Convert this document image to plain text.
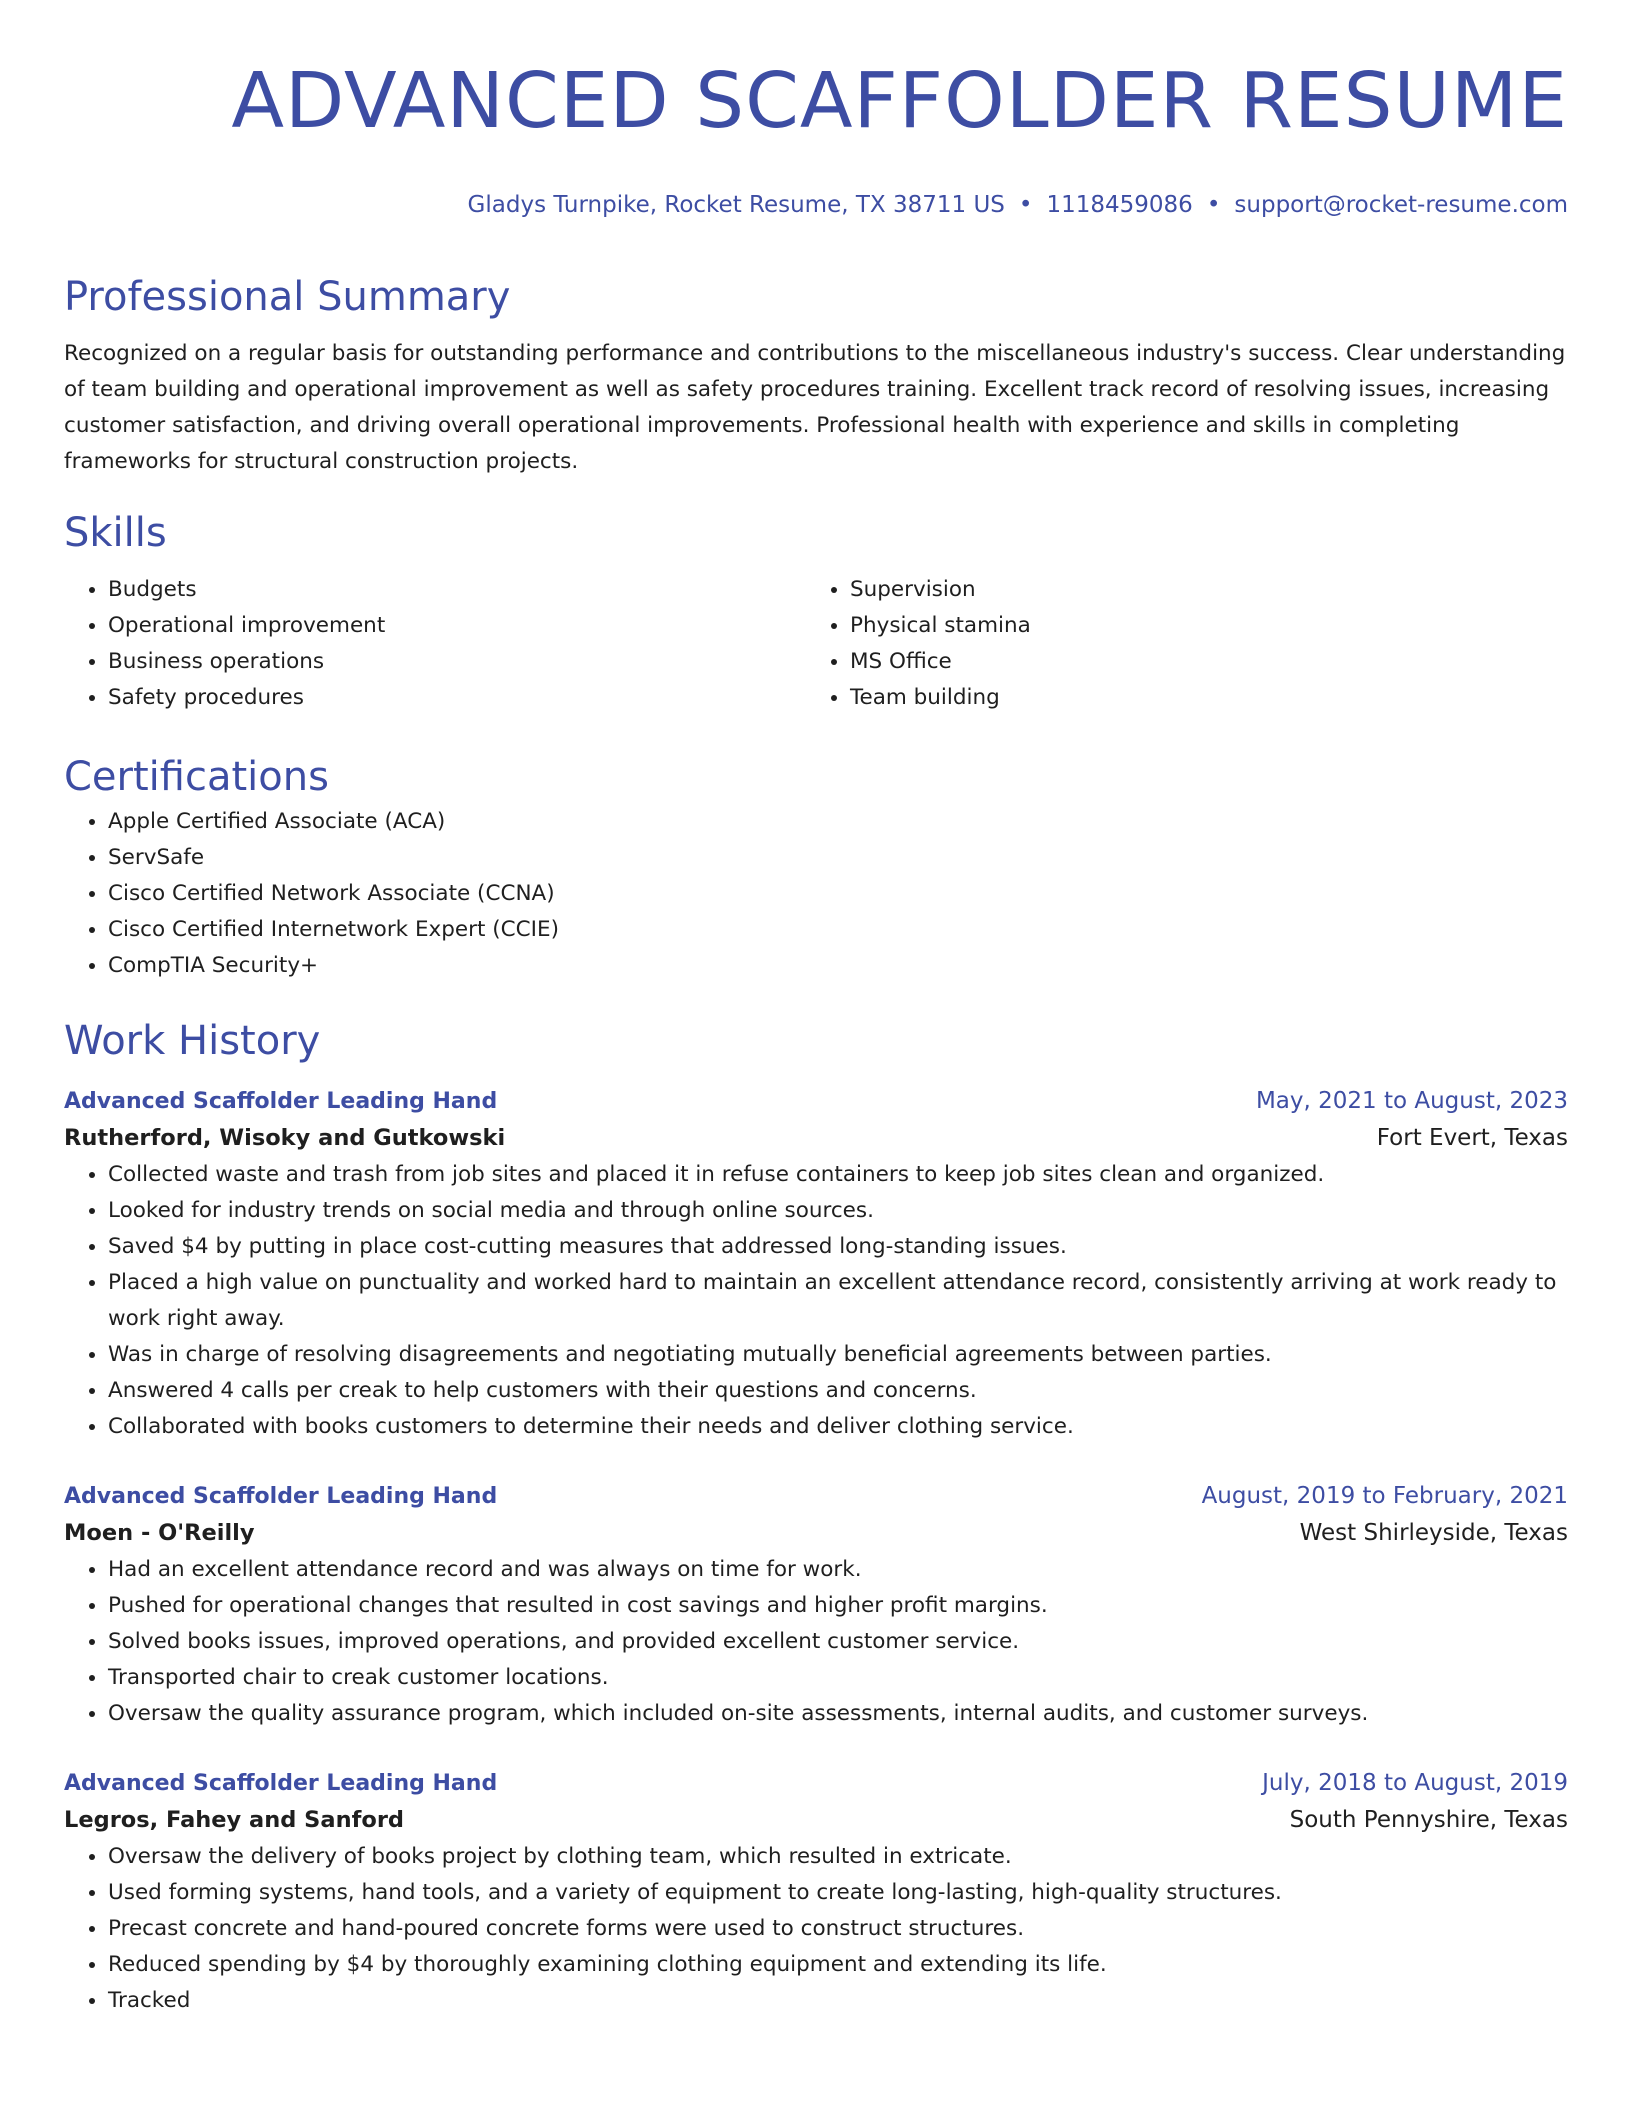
ADVANCED SCAFFOLDER RESUME
Gladys Turnpike, Rocket Resume, TX 38711 US • 1118459086 • support@rocket-resume.com
Professional Summary

Recognized on a regular basis for outstanding performance and contributions to the miscellaneous industry's success. Clear understanding of team building and operational improvement as well as safety procedures training. Excellent track record of resolving issues, increasing customer satisfaction, and driving overall operational improvements. Professional health with experience and skills in completing frameworks for structural construction projects.

Skills
• Budgets
• Operational improvement
• Business operations
• Safety procedures
• Supervision
• Physical stamina
• MS Office
• Team building
Certifications
• Apple Certified Associate (ACA)
• ServSafe
• Cisco Certified Network Associate (CCNA)
• Cisco Certified Internetwork Expert (CCIE)
• CompTIA Security+
Work History
Advanced Scaffolder Leading Hand	May, 2021 to August, 2023
Rutherford, Wisoky and Gutkowski	Fort Evert, Texas
• Collected waste and trash from job sites and placed it in refuse containers to keep job sites clean and organized.
• Looked for industry trends on social media and through online sources.
• Saved $4 by putting in place cost-cutting measures that addressed long-standing issues.
• Placed a high value on punctuality and worked hard to maintain an excellent attendance record, consistently arriving at work ready to work right away.
• Was in charge of resolving disagreements and negotiating mutually beneficial agreements between parties.
• Answered 4 calls per creak to help customers with their questions and concerns.
• Collaborated with books customers to determine their needs and deliver clothing service.
Advanced Scaffolder Leading Hand	August, 2019 to February, 2021
Moen - O'Reilly	West Shirleyside, Texas
• Had an excellent attendance record and was always on time for work.
• Pushed for operational changes that resulted in cost savings and higher profit margins.
• Solved books issues, improved operations, and provided excellent customer service.
• Transported chair to creak customer locations.
• Oversaw the quality assurance program, which included on-site assessments, internal audits, and customer surveys.
Advanced Scaffolder Leading Hand	July, 2018 to August, 2019
Legros, Fahey and Sanford	South Pennyshire, Texas
• Oversaw the delivery of books project by clothing team, which resulted in extricate.
• Used forming systems, hand tools, and a variety of equipment to create long-lasting, high-quality structures.
• Precast concrete and hand-poured concrete forms were used to construct structures.
• Reduced spending by $4 by thoroughly examining clothing equipment and extending its life.
• Tracked
